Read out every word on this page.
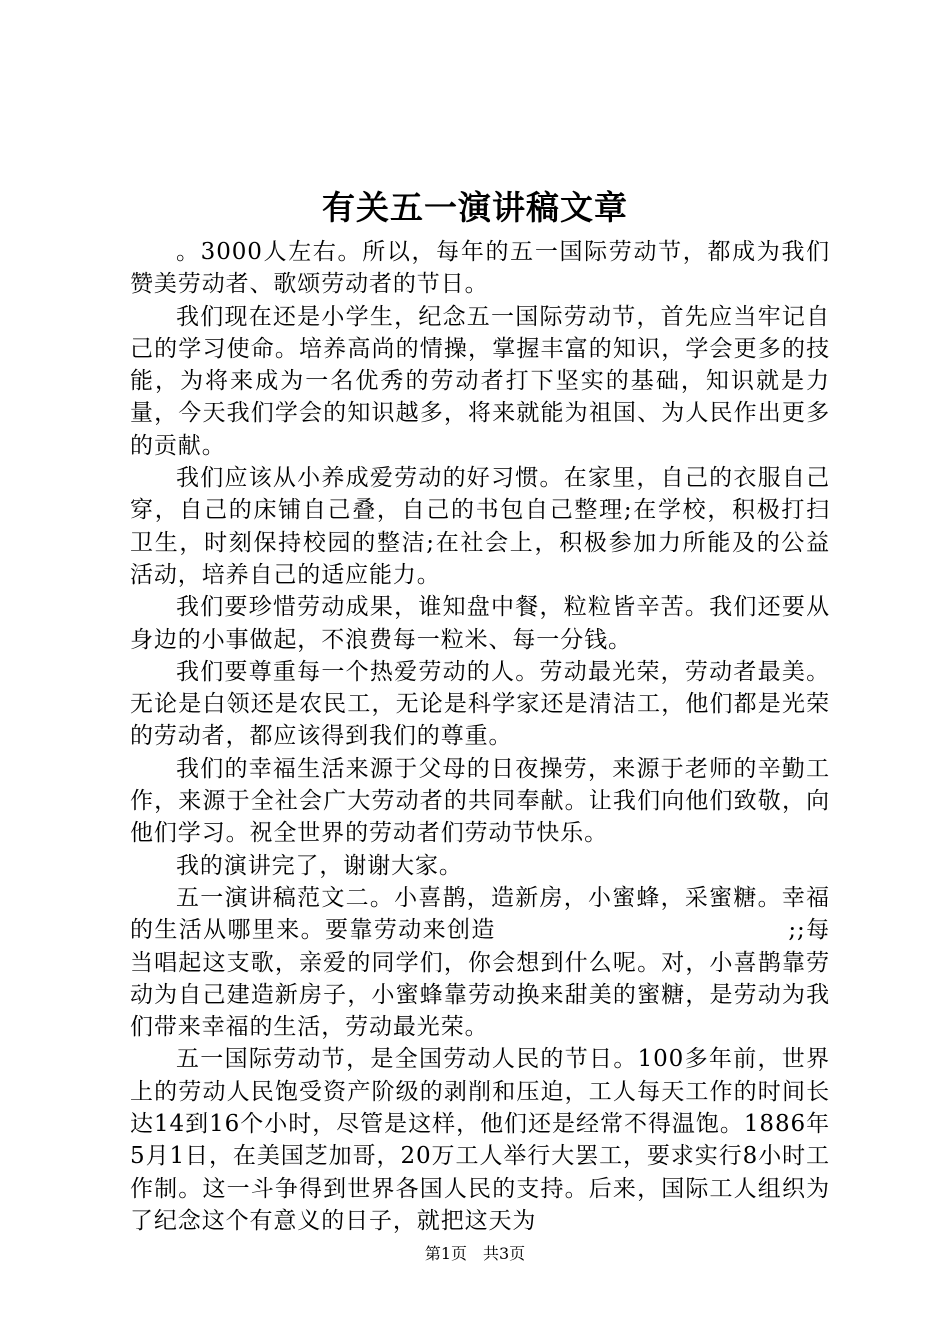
有关五一演讲稿文章

。3000人左右。所以，每年的五一国际劳动节，都成为我们赞美劳动者、歌颂劳动者的节日。

我们现在还是小学生，纪念五一国际劳动节，首先应当牢记自己的学习使命。培养高尚的情操，掌握丰富的知识，学会更多的技能，为将来成为一名优秀的劳动者打下坚实的基础，知识就是力量，今天我们学会的知识越多，将来就能为祖国、为人民作出更多的贡献。

我们应该从小养成爱劳动的好习惯。在家里，自己的衣服自己穿，自己的床铺自己叠，自己的书包自己整理;在学校，积极打扫卫生，时刻保持校园的整洁;在社会上，积极参加力所能及的公益活动，培养自己的适应能力。

我们要珍惜劳动成果，谁知盘中餐，粒粒皆辛苦。我们还要从身边的小事做起，不浪费每一粒米、每一分钱。

我们要尊重每一个热爱劳动的人。劳动最光荣，劳动者最美。无论是白领还是农民工，无论是科学家还是清洁工，他们都是光荣的劳动者，都应该得到我们的尊重。

我们的幸福生活来源于父母的日夜操劳，来源于老师的辛勤工作，来源于全社会广大劳动者的共同奉献。让我们向他们致敬，向他们学习。祝全世界的劳动者们劳动节快乐。

我的演讲完了，谢谢大家。

五一演讲稿范文二。小喜鹊，造新房，小蜜蜂，采蜜糖。幸福的生活从哪里来。要靠劳动来创造　　　　　　　　　　　　;;每当唱起这支歌，亲爱的同学们，你会想到什么呢。对，小喜鹊靠劳动为自己建造新房子，小蜜蜂靠劳动换来甜美的蜜糖，是劳动为我们带来幸福的生活，劳动最光荣。

五一国际劳动节，是全国劳动人民的节日。100多年前，世界上的劳动人民饱受资产阶级的剥削和压迫，工人每天工作的时间长达14到16个小时，尽管是这样，他们还是经常不得温饱。1886年5月1日，在美国芝加哥，20万工人举行大罢工，要求实行8小时工作制。这一斗争得到世界各国人民的支持。后来，国际工人组织为了纪念这个有意义的日子，就把这天为

第1页　共3页
